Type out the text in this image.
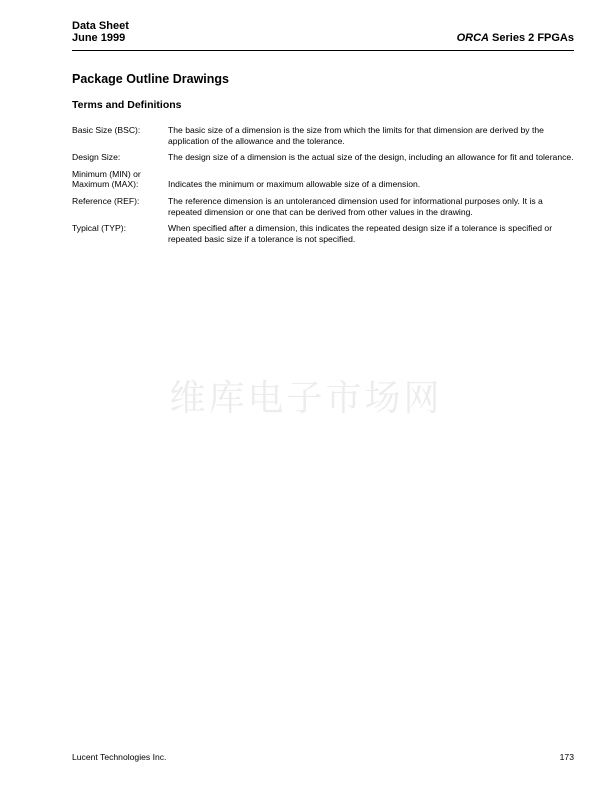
Data Sheet
June 1999	ORCA Series 2 FPGAs
Package Outline Drawings
Terms and Definitions
Basic Size (BSC):	The basic size of a dimension is the size from which the limits for that dimension are derived by the application of the allowance and the tolerance.
Design Size:	The design size of a dimension is the actual size of the design, including an allowance for fit and tolerance.
Minimum (MIN) or
Maximum (MAX):	Indicates the minimum or maximum allowable size of a dimension.
Reference (REF):	The reference dimension is an untoleranced dimension used for informational purposes only. It is a repeated dimension or one that can be derived from other values in the drawing.
Typical (TYP):	When specified after a dimension, this indicates the repeated design size if a tolerance is specified or repeated basic size if a tolerance is not specified.
维库电子市场网
Lucent Technologies Inc.	173
